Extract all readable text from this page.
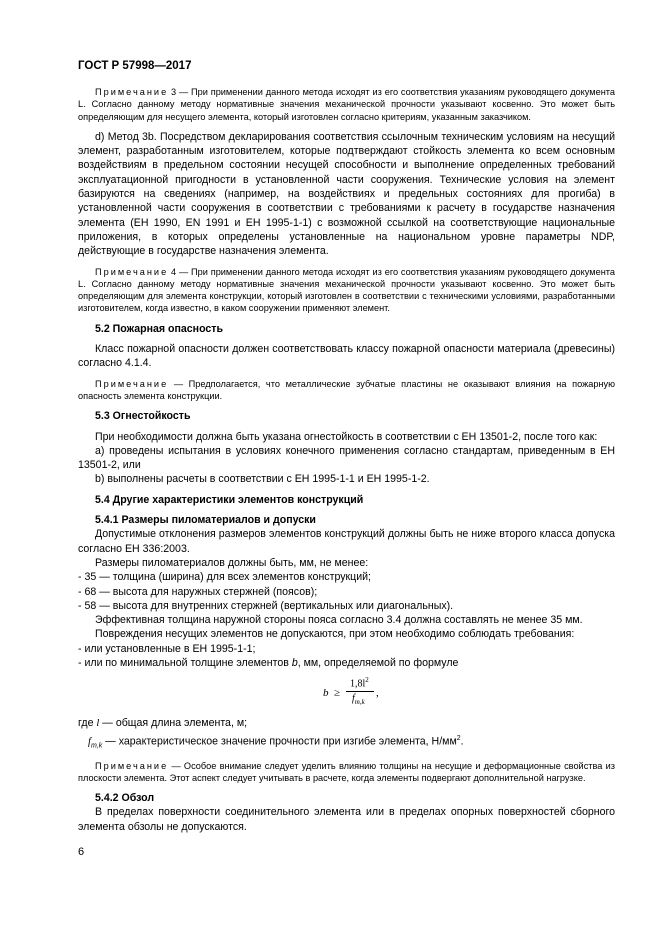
ГОСТ Р 57998—2017

Примечание 3 — При применении данного метода исходят из его соответствия указаниям руководящего документа L. Согласно данному методу нормативные значения механической прочности указывают косвенно. Это может быть определяющим для несущего элемента, который изготовлен согласно критериям, указанным заказчиком.

d) Метод 3b. Посредством декларирования соответствия ссылочным техническим условиям на несущий элемент, разработанным изготовителем, которые подтверждают стойкость элемента ко всем основным воздействиям в предельном состоянии несущей способности и выполнение определенных требований эксплуатационной пригодности в установленной части сооружения. Технические условия на элемент базируются на сведениях (например, на воздействиях и предельных состояниях для прогиба) в установленной части сооружения в соответствии с требованиями к расчету в государстве назначения элемента (ЕН 1990, EN 1991 и ЕН 1995-1-1) с возможной ссылкой на соответствующие национальные приложения, в которых определены установленные на национальном уровне параметры NDP, действующие в государстве назначения элемента.

Примечание 4 — При применении данного метода исходят из его соответствия указаниям руководящего документа L. Согласно данному методу нормативные значения механической прочности указывают косвенно. Это может быть определяющим для элемента конструкции, который изготовлен в соответствии с техническими условиями, разработанными изготовителем, когда известно, в каком сооружении применяют элемент.

5.2 Пожарная опасность

Класс пожарной опасности должен соответствовать классу пожарной опасности материала (древесины) согласно 4.1.4.

Примечание — Предполагается, что металлические зубчатые пластины не оказывают влияния на пожарную опасность элемента конструкции.

5.3 Огнестойкость

При необходимости должна быть указана огнестойкость в соответствии с ЕН 13501-2, после того как:

а) проведены испытания в условиях конечного применения согласно стандартам, приведенным в ЕН 13501-2, или

b) выполнены расчеты в соответствии с ЕН 1995-1-1 и ЕН 1995-1-2.

5.4 Другие характеристики элементов конструкций

5.4.1 Размеры пиломатериалов и допуски

Допустимые отклонения размеров элементов конструкций должны быть не ниже второго класса допуска согласно ЕН 336:2003.

Размеры пиломатериалов должны быть, мм, не менее:

- 35 — толщина (ширина) для всех элементов конструкций;

- 68 — высота для наружных стержней (поясов);

- 58 — высота для внутренних стержней (вертикальных или диагональных).

Эффективная толщина наружной стороны пояса согласно 3.4 должна составлять не менее 35 мм.

Повреждения несущих элементов не допускаются, при этом необходимо соблюдать требования:

- или установленные в ЕН 1995-1-1;

- или по минимальной толщине элементов b, мм, определяемой по формуле

b ≥
$1,8l^2$
$f_{m,k}$
,

где l — общая длина элемента, м;

$f_{m,k}$ — характеристическое значение прочности при изгибе элемента, $Н/мм^2$.

Примечание — Особое внимание следует уделить влиянию толщины на несущие и деформационные свойства из плоскости элемента. Этот аспект следует учитывать в расчете, когда элементы подвергают дополнительной нагрузке.

5.4.2 Обзол

В пределах поверхности соединительного элемента или в пределах опорных поверхностей сборного элемента обзолы не допускаются.

6
